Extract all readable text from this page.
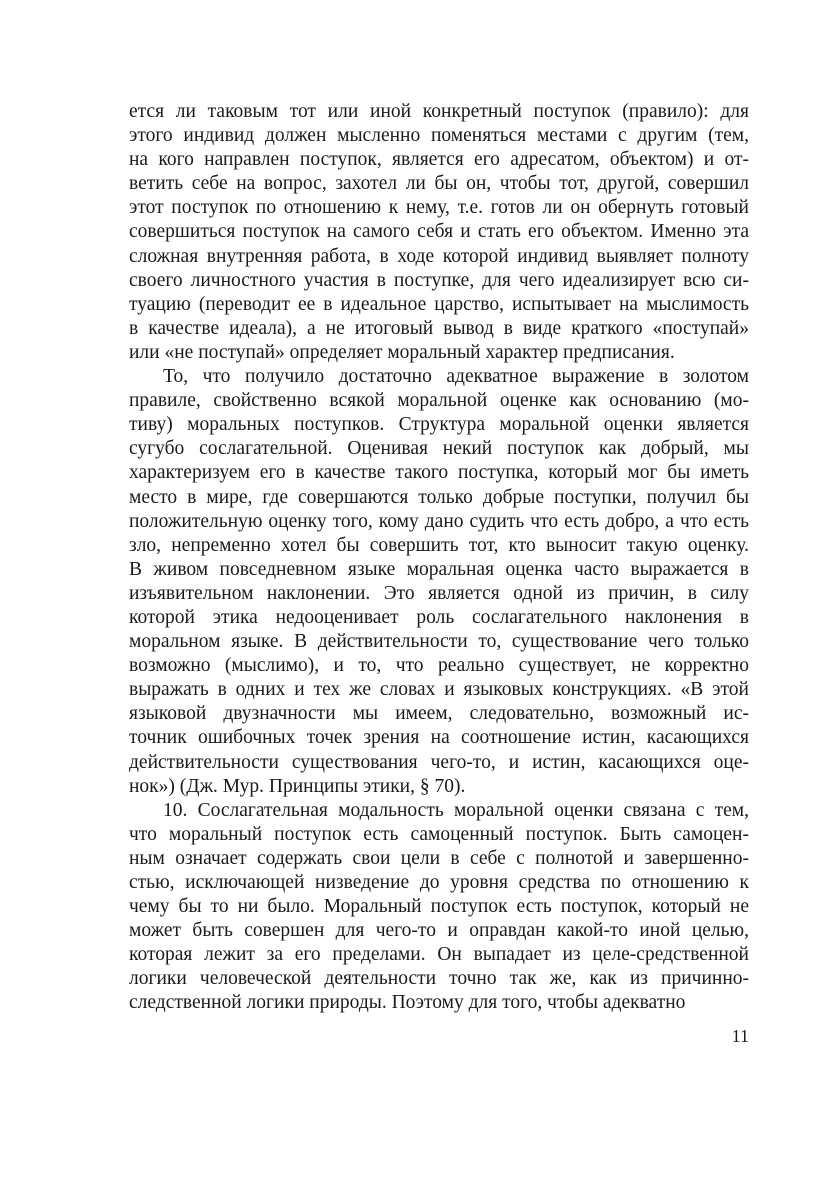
ется ли таковым тот или иной конкретный поступок (правило): для
этого индивид должен мысленно поменяться местами с другим (тем,
на кого направлен поступок, является его адресатом, объектом) и от-
ветить себе на вопрос, захотел ли бы он, чтобы тот, другой, совершил
этот поступок по отношению к нему, т.е. готов ли он обернуть готовый
совершиться поступок на самого себя и стать его объектом. Именно эта
сложная внутренняя работа, в ходе которой индивид выявляет полноту
своего личностного участия в поступке, для чего идеализирует всю си-
туацию (переводит ее в идеальное царство, испытывает на мыслимость
в качестве идеала), а не итоговый вывод в виде краткого «поступай»
или «не поступай» определяет моральный характер предписания.
То, что получило достаточно адекватное выражение в золотом
правиле, свойственно всякой моральной оценке как основанию (мо-
тиву) моральных поступков. Структура моральной оценки является
сугубо сослагательной. Оценивая некий поступок как добрый, мы
характеризуем его в качестве такого поступка, который мог бы иметь
место в мире, где совершаются только добрые поступки, получил бы
положительную оценку того, кому дано судить что есть добро, а что есть
зло, непременно хотел бы совершить тот, кто выносит такую оценку.
В живом повседневном языке моральная оценка часто выражается в
изъявительном наклонении. Это является одной из причин, в силу
которой этика недооценивает роль сослагательного наклонения в
моральном языке. В действительности то, существование чего только
возможно (мыслимо), и то, что реально существует, не корректно
выражать в одних и тех же словах и языковых конструкциях. «В этой
языковой двузначности мы имеем, следовательно, возможный ис-
точник ошибочных точек зрения на соотношение истин, касающихся
действительности существования чего-то, и истин, касающихся оце-
нок») (Дж. Мур. Принципы этики, § 70).
10. Сослагательная модальность моральной оценки связана с тем,
что моральный поступок есть самоценный поступок. Быть самоцен-
ным означает содержать свои цели в себе с полнотой и завершенно-
стью, исключающей низведение до уровня средства по отношению к
чему бы то ни было. Моральный поступок есть поступок, который не
может быть совершен для чего-то и оправдан какой-то иной целью,
которая лежит за его пределами. Он выпадает из целе-средственной
логики человеческой деятельности точно так же, как из причинно-
следственной логики природы. Поэтому для того, чтобы адекватно
11
